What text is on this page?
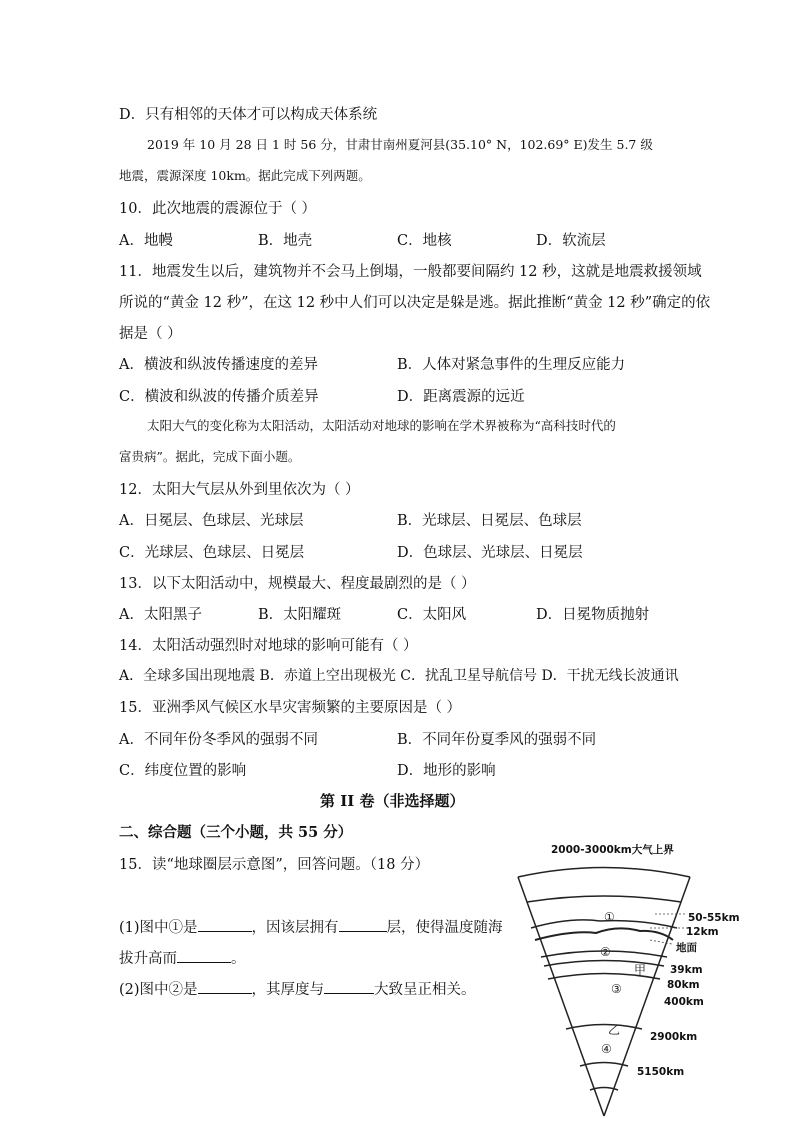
D．只有相邻的天体才可以构成天体系统
2019 年 10 月 28 日 1 时 56 分，甘肃甘南州夏河县(35.10° N，102.69° E)发生 5.7 级
地震，震源深度 10km。据此完成下列两题。
10．此次地震的震源位于（ ）
A．地幔	B．地壳	C．地核	D．软流层
11．地震发生以后，建筑物并不会马上倒塌，一般都要间隔约 12 秒，这就是地震救援领域
所说的“黄金 12 秒”，在这 12 秒中人们可以决定是躲是逃。据此推断“黄金 12 秒”确定的依
据是（ ）
A．横波和纵波传播速度的差异	B．人体对紧急事件的生理反应能力
C．横波和纵波的传播介质差异	D．距离震源的远近
太阳大气的变化称为太阳活动，太阳活动对地球的影响在学术界被称为“高科技时代的
富贵病”。据此，完成下面小题。
12．太阳大气层从外到里依次为（ ）
A．日冕层、色球层、光球层	B．光球层、日冕层、色球层
C．光球层、色球层、日冕层	D．色球层、光球层、日冕层
13．以下太阳活动中，规模最大、程度最剧烈的是（ ）
A．太阳黑子	B．太阳耀斑	C．太阳风	D．日冕物质抛射
14．太阳活动强烈时对地球的影响可能有（ ）
A．全球多国出现地震 B．赤道上空出现极光 C．扰乱卫星导航信号 D．干扰无线长波通讯
15．亚洲季风气候区水旱灾害频繁的主要原因是（ ）
A．不同年份冬季风的强弱不同	B．不同年份夏季风的强弱不同
C．纬度位置的影响	D．地形的影响
第 II 卷（非选择题）
二、综合题（三个小题，共 55 分）
15．读“地球圈层示意图”，回答问题。（18 分）
(1)图中①是	，因该层拥有	层，使得温度随海
拔升高而	。
(2)图中②是	，其厚度与	大致呈正相关。
①
②
甲
③
乙
④
2000-3000km大气上界
50-55km
12km
地面
39km
80km
400km
2900km
5150km
